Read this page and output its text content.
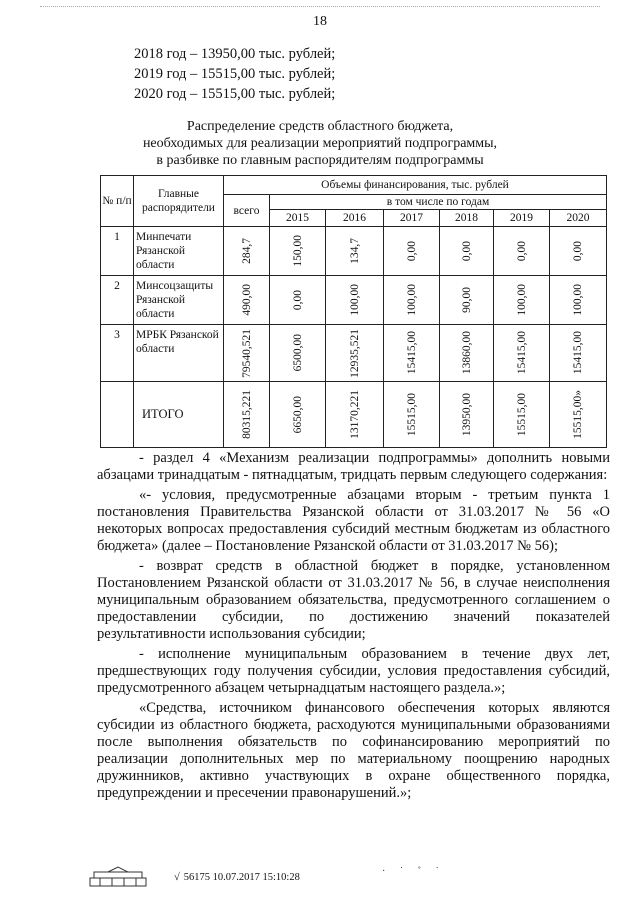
18
2018 год – 13950,00 тыс. рублей;
2019 год – 15515,00 тыс. рублей;
2020 год – 15515,00 тыс. рублей;
Распределение средств областного бюджета,
необходимых для реализации мероприятий подпрограммы,
в разбивке по главным распорядителям подпрограммы
№ п/п	Главные распорядители	Объемы финансирования, тыс. рублей						
		всего	в том числе по годам					
			2015	2016	2017	2018	2019	2020
1	Минпечати Рязанской области	284,7	150,00	134,7	0,00	0,00	0,00	0,00

2	Минсоцзащиты Рязанской области	490,00	0,00	100,00	100,00	90,00	100,00	100,00

3	МРБК Рязанской области	79540,521	6500,00	12935,521	15415,00	13860,00	15415,00	15415,00

	ИТОГО	80315,221	6650,00	13170,221	15515,00	13950,00	15515,00	15515,00»

- раздел 4 «Механизм реализации подпрограммы» дополнить новыми абзацами тринадцатым - пятнадцатым, тридцать первым следующего содержания:

«- условия, предусмотренные абзацами вторым - третьим пункта 1 постановления Правительства Рязанской области от 31.03.2017 № 56 «О некоторых вопросах предоставления субсидий местным бюджетам из областного бюджета» (далее – Постановление Рязанской области от 31.03.2017 № 56);

- возврат средств в областной бюджет в порядке, установленном Постановлением Рязанской области от 31.03.2017 № 56, в случае неисполнения муниципальным образованием обязательства, предусмотренного соглашением о предоставлении субсидии, по достижению значений показателей результативности использования субсидии;

- исполнение муниципальным образованием в течение двух лет, предшествующих году получения субсидии, условия предоставления субсидий, предусмотренного абзацем четырнадцатым настоящего раздела.»;

«Средства, источником финансового обеспечения которых являются субсидии из областного бюджета, расходуются муниципальными образованиями после выполнения обязательств по софинансированию мероприятий по реализации дополнительных мер по материальному поощрению народных дружинников, активно участвующих в охране общественного порядка, предупреждении и пресечении правонарушений.»;

√ 56175 10.07.2017 15:10:28	· ˙ ˚ ˙
